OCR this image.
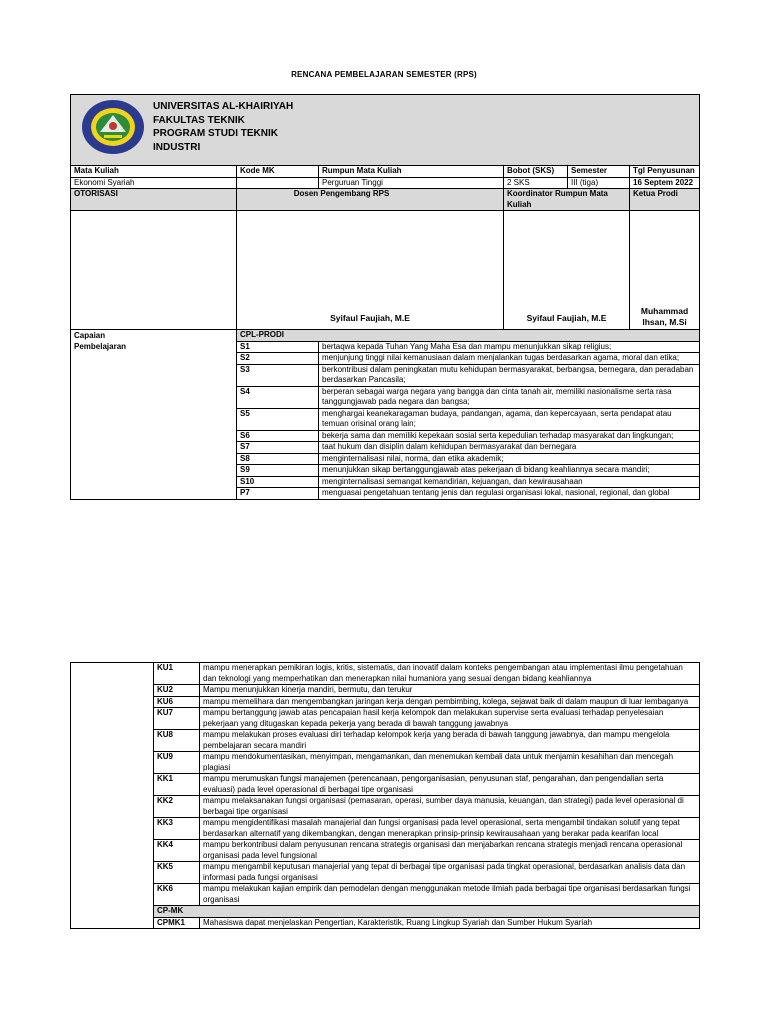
RENCANA PEMBELAJARAN SEMESTER (RPS)
UNIVERSITAS AL-KHAIRIYAH
FAKULTAS TEKNIK
PROGRAM STUDI TEKNIK
INDUSTRI					

Mata Kuliah	Kode MK	Rumpun Mata Kuliah	Bobot (SKS)	Semester	Tgl Penyusunan
Ekonomi Syariah		Perguruan Tinggi	2 SKS	III (tiga)	16 Septem 2022
OTORISASI	Dosen Pengembang RPS		Koordinator Rumpun Mata Kuliah		Ketua Prodi

	Syifaul Faujiah, M.E		Syifaul Faujiah, M.E		Muhammad Ihsan, M.Si

Capaian
Pembelajaran	CPL-PRODI				
	S1	bertaqwa kepada Tuhan Yang Maha Esa dan mampu menunjukkan sikap religius;			
	S2	menjunjung tinggi nilai kemanusiaan dalam menjalankan tugas berdasarkan agama, moral dan etika;			
	S3	berkontribusi dalam peningkatan mutu kehidupan bermasyarakat, berbangsa, bernegara, dan peradaban berdasarkan Pancasila;			
	S4	berperan sebagai warga negara yang bangga dan cinta tanah air, memiliki nasionalisme serta rasa tanggungjawab pada negara dan bangsa;			
	S5	menghargai keanekaragaman budaya, pandangan, agama, dan kepercayaan, serta pendapat atau temuan orisinal orang lain;			
	S6	bekerja sama dan memiliki kepekaan sosial serta kepedulian terhadap masyarakat dan lingkungan;			
	S7	taat hukum dan disiplin dalam kehidupan bermasyarakat dan bernegara			
	S8	menginternalisasi nilai, norma, dan etika akademik;			
	S9	menunjukkan sikap bertanggungjawab atas pekerjaan di bidang keahliannya secara mandiri;			
	S10	menginternalisasi semangat kemandirian, kejuangan, dan kewirausahaan			
	P7	menguasai pengetahuan tentang jenis dan regulasi organisasi lokal, nasional, regional, dan global			
	KU1	mampu menerapkan pemikiran logis, kritis, sistematis, dan inovatif dalam konteks pengembangan atau implementasi ilmu pengetahuan dan teknologi yang memperhatikan dan menerapkan nilai humaniora yang sesuai dengan bidang keahliannya
	KU2	Mampu menunjukkan kinerja mandiri, bermutu, dan terukur
	KU6	mampu memelihara dan mengembangkan jaringan kerja dengan pembimbing, kolega, sejawat baik di dalam maupun di luar lembaganya
	KU7	mampu bertanggung jawab atas pencapaian hasil kerja kelompok dan melakukan supervise serta evaluasi terhadap penyelesaian pekerjaan yang ditugaskan kepada pekerja yang berada di bawah tanggung jawabnya
	KU8	mampu melakukan proses evaluasi diri terhadap kelompok kerja yang berada di bawah tanggung jawabnya, dan mampu mengelola pembelajaran secara mandiri
	KU9	mampu mendokumentasikan, menyimpan, mengamankan, dan menemukan kembali data untuk menjamin kesahihan dan mencegah plagiasi
	KK1	mampu merumuskan fungsi manajemen (perencanaan, pengorganisasian, penyusunan staf, pengarahan, dan pengendalian serta evaluasi) pada level operasional di berbagai tipe organisasi
	KK2	mampu melaksanakan fungsi organisasi (pemasaran, operasi, sumber daya manusia, keuangan, dan strategi) pada level operasional di berbagai tipe organisasi
	KK3	mampu mengidentifikasi masalah manajerial dan fungsi organisasi pada level operasional, serta mengambil tindakan solutif yang tepat berdasarkan alternatif yang dikembangkan, dengan menerapkan prinsip-prinsip kewirausahaan yang berakar pada kearifan local
	KK4	mampu berkontribusi dalam penyusunan rencana strategis organisasi dan menjabarkan rencana strategis menjadi rencana operasional organisasi pada level fungsional
	KK5	mampu mengambil keputusan manajerial yang tepat di berbagai tipe organisasi pada tingkat operasional, berdasarkan analisis data dan informasi pada fungsi organisasi
	KK6	mampu melakukan kajian empirik dan pemodelan dengan menggunakan metode ilmiah pada berbagai tipe organisasi berdasarkan fungsi organisasi
	CP-MK	
	CPMK1	Mahasiswa dapat menjelaskan Pengertian, Karakteristik, Ruang Lingkup Syariah dan Sumber Hukum Syariah
